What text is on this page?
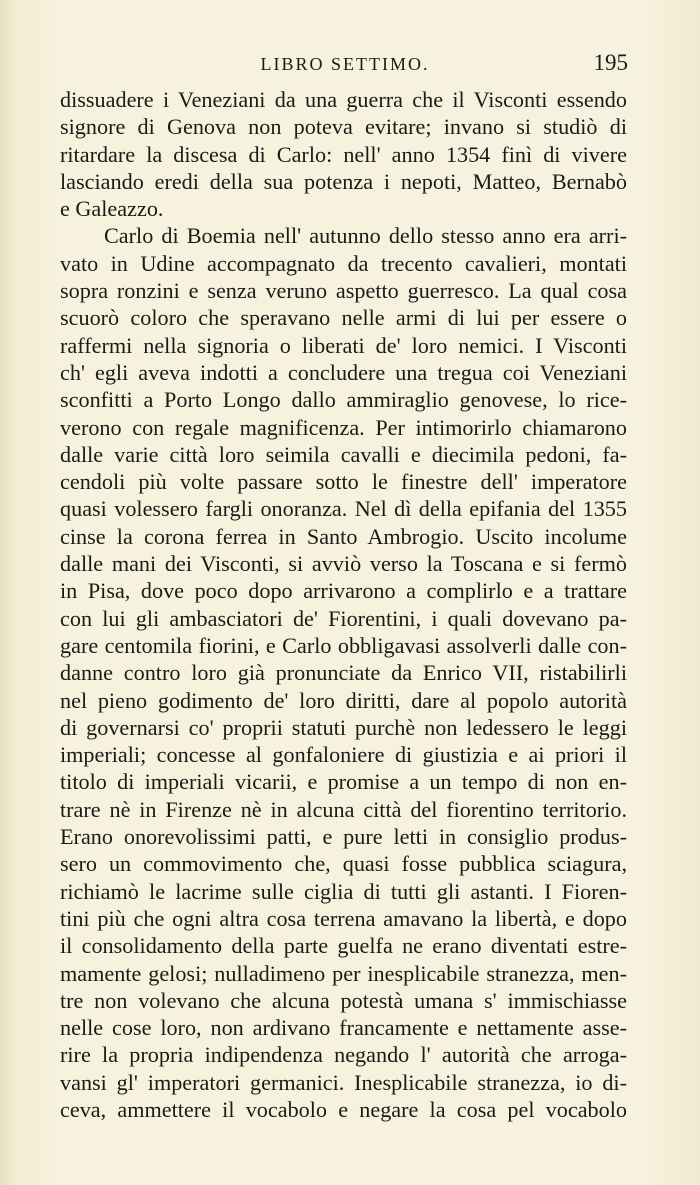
LIBRO SETTIMO.	195
dissuadere i Veneziani da una guerra che il Visconti essendo
signore di Genova non poteva evitare; invano si studiò di
ritardare la discesa di Carlo: nell' anno 1354 finì di vivere
lasciando eredi della sua potenza i nepoti, Matteo, Bernabò
e Galeazzo.
Carlo di Boemia nell' autunno dello stesso anno era arri-
vato in Udine accompagnato da trecento cavalieri, montati
sopra ronzini e senza veruno aspetto guerresco. La qual cosa
scuorò coloro che speravano nelle armi di lui per essere o
raffermi nella signoria o liberati de' loro nemici. I Visconti
ch' egli aveva indotti a concludere una tregua coi Veneziani
sconfitti a Porto Longo dallo ammiraglio genovese, lo rice-
verono con regale magnificenza. Per intimorirlo chiamarono
dalle varie città loro seimila cavalli e diecimila pedoni, fa-
cendoli più volte passare sotto le finestre dell' imperatore
quasi volessero fargli onoranza. Nel dì della epifania del 1355
cinse la corona ferrea in Santo Ambrogio. Uscito incolume
dalle mani dei Visconti, si avviò verso la Toscana e si fermò
in Pisa, dove poco dopo arrivarono a complirlo e a trattare
con lui gli ambasciatori de' Fiorentini, i quali dovevano pa-
gare centomila fiorini, e Carlo obbligavasi assolverli dalle con-
danne contro loro già pronunciate da Enrico VII, ristabilirli
nel pieno godimento de' loro diritti, dare al popolo autorità
di governarsi co' proprii statuti purchè non ledessero le leggi
imperiali; concesse al gonfaloniere di giustizia e ai priori il
titolo di imperiali vicarii, e promise a un tempo di non en-
trare nè in Firenze nè in alcuna città del fiorentino territorio.
Erano onorevolissimi patti, e pure letti in consiglio produs-
sero un commovimento che, quasi fosse pubblica sciagura,
richiamò le lacrime sulle ciglia di tutti gli astanti. I Fioren-
tini più che ogni altra cosa terrena amavano la libertà, e dopo
il consolidamento della parte guelfa ne erano diventati estre-
mamente gelosi; nulladimeno per inesplicabile stranezza, men-
tre non volevano che alcuna potestà umana s' immischiasse
nelle cose loro, non ardivano francamente e nettamente asse-
rire la propria indipendenza negando l' autorità che arroga-
vansi gl' imperatori germanici. Inesplicabile stranezza, io di-
ceva, ammettere il vocabolo e negare la cosa pel vocabolo
